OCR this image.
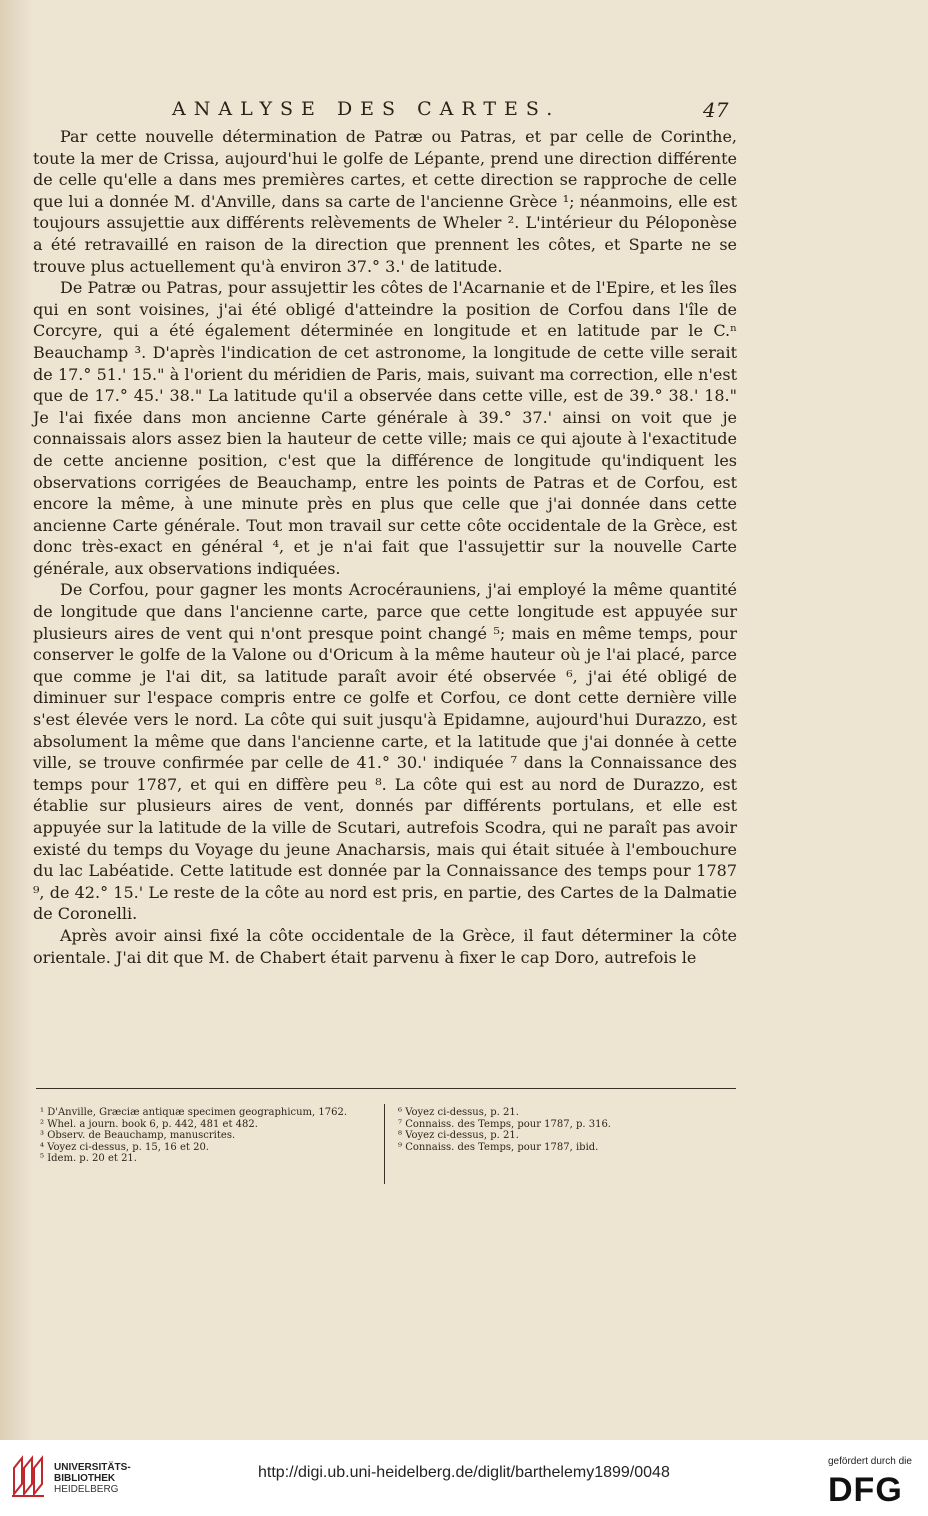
ANALYSE DES CARTES.	47

Par cette nouvelle détermination de Patræ ou Patras, et par celle de Corinthe, toute la mer de Crissa, aujourd'hui le golfe de Lépante, prend une direction différente de celle qu'elle a dans mes premières cartes, et cette direction se rapproche de celle que lui a donnée M. d'Anville, dans sa carte de l'ancienne Grèce ¹; néanmoins, elle est toujours assujettie aux différents relèvements de Wheler ². L'intérieur du Péloponèse a été retravaillé en raison de la direction que prennent les côtes, et Sparte ne se trouve plus actuellement qu'à environ 37.° 3.' de latitude.

De Patræ ou Patras, pour assujettir les côtes de l'Acarnanie et de l'Epire, et les îles qui en sont voisines, j'ai été obligé d'atteindre la position de Corfou dans l'île de Corcyre, qui a été également déterminée en longitude et en latitude par le C.ⁿ Beauchamp ³. D'après l'indication de cet astronome, la longitude de cette ville serait de 17.° 51.' 15." à l'orient du méridien de Paris, mais, suivant ma correction, elle n'est que de 17.° 45.' 38." La latitude qu'il a observée dans cette ville, est de 39.° 38.' 18." Je l'ai fixée dans mon ancienne Carte générale à 39.° 37.' ainsi on voit que je connaissais alors assez bien la hauteur de cette ville; mais ce qui ajoute à l'exactitude de cette ancienne position, c'est que la différence de longitude qu'indiquent les observations corrigées de Beauchamp, entre les points de Patras et de Corfou, est encore la même, à une minute près en plus que celle que j'ai donnée dans cette ancienne Carte générale. Tout mon travail sur cette côte occidentale de la Grèce, est donc très-exact en général ⁴, et je n'ai fait que l'assujettir sur la nouvelle Carte générale, aux observations indiquées.

De Corfou, pour gagner les monts Acrocérauniens, j'ai employé la même quantité de longitude que dans l'ancienne carte, parce que cette longitude est appuyée sur plusieurs aires de vent qui n'ont presque point changé ⁵; mais en même temps, pour conserver le golfe de la Valone ou d'Oricum à la même hauteur où je l'ai placé, parce que comme je l'ai dit, sa latitude paraît avoir été observée ⁶, j'ai été obligé de diminuer sur l'espace compris entre ce golfe et Corfou, ce dont cette dernière ville s'est élevée vers le nord. La côte qui suit jusqu'à Epidamne, aujourd'hui Durazzo, est absolument la même que dans l'ancienne carte, et la latitude que j'ai donnée à cette ville, se trouve confirmée par celle de 41.° 30.' indiquée ⁷ dans la Connaissance des temps pour 1787, et qui en diffère peu ⁸. La côte qui est au nord de Durazzo, est établie sur plusieurs aires de vent, donnés par différents portulans, et elle est appuyée sur la latitude de la ville de Scutari, autrefois Scodra, qui ne paraît pas avoir existé du temps du Voyage du jeune Anacharsis, mais qui était située à l'embouchure du lac Labéatide. Cette latitude est donnée par la Connaissance des temps pour 1787 ⁹, de 42.° 15.' Le reste de la côte au nord est pris, en partie, des Cartes de la Dalmatie de Coronelli.

Après avoir ainsi fixé la côte occidentale de la Grèce, il faut déterminer la côte orientale. J'ai dit que M. de Chabert était parvenu à fixer le cap Doro, autrefois le

¹ D'Anville, Græciæ antiquæ specimen geographicum, 1762.
² Whel. a journ. book 6, p. 442, 481 et 482.
³ Observ. de Beauchamp, manuscrites.
⁴ Voyez ci-dessus, p. 15, 16 et 20.
⁵ Idem. p. 20 et 21.
⁶ Voyez ci-dessus, p. 21.
⁷ Connaiss. des Temps, pour 1787, p. 316.
⁸ Voyez ci-dessus, p. 21.
⁹ Connaiss. des Temps, pour 1787, ibid.
UNIVERSITÄTS-
BIBLIOTHEK
HEIDELBERG
http://digi.ub.uni-heidelberg.de/diglit/barthelemy1899/0048
gefördert durch die
DFG
